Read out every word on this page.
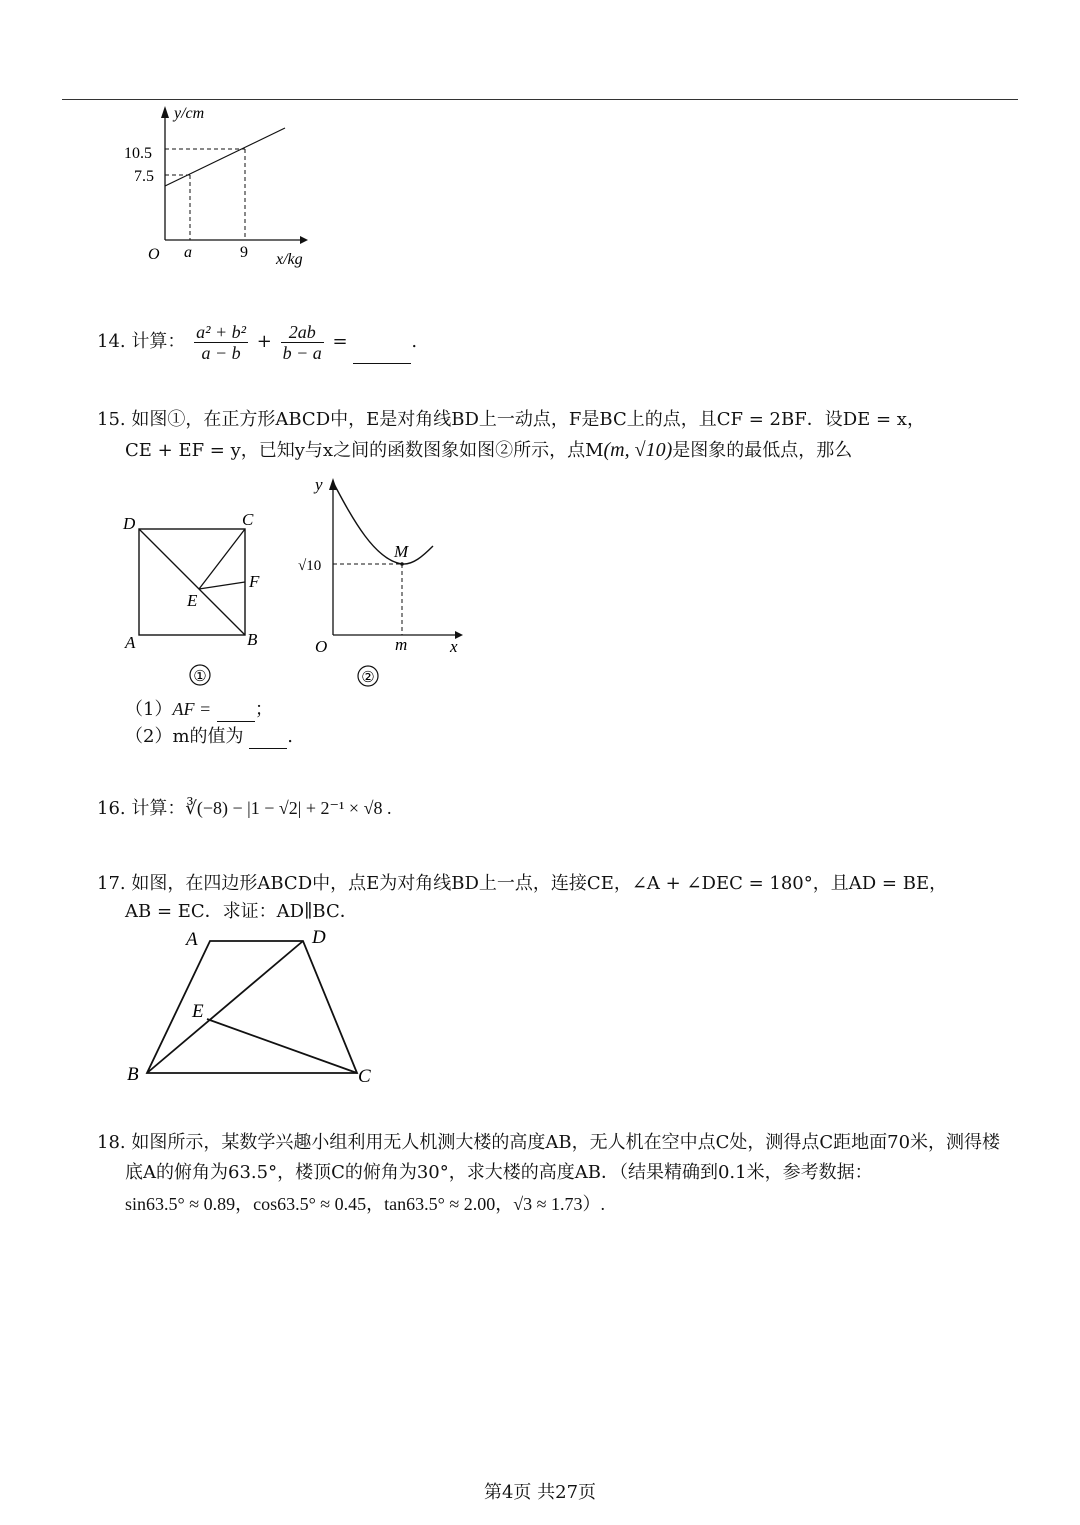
y/cm
10.5
7.5
O a	9 x/kg
14. 计算： $\frac{\text{a² + b²}}{a - b} + \frac{2ab}{b - a}$ =	.
15. 如图①，在正方形ABCD中，E是对角线BD上一动点，F是BC上的点，且CF = 2BF．设DE = x，
CE + EF = y，已知y与x之间的函数图象如图②所示，点M(m, √10)是图象的最低点，那么
D	C
F
E
A	B
①
y
M
√10
O	m	x
②
（1）AF = ；
（2）m的值为 .
16. 计算：∛(−8) − |1 − √2| + 2⁻¹ × √8 .
17. 如图，在四边形ABCD中，点E为对角线BD上一点，连接CE，∠A + ∠DEC = 180°，且AD = BE，
AB = EC．求证：AD∥BC．
A	D
E
B	C
18. 如图所示，某数学兴趣小组利用无人机测大楼的高度AB，无人机在空中点C处，测得点C距地面70米，测得楼
底A的俯角为63.5°，楼顶C的俯角为30°，求大楼的高度AB．（结果精确到0.1米，参考数据：
sin63.5° ≈ 0.89，cos63.5° ≈ 0.45，tan63.5° ≈ 2.00，√3 ≈ 1.73）.
第4页 共27页
